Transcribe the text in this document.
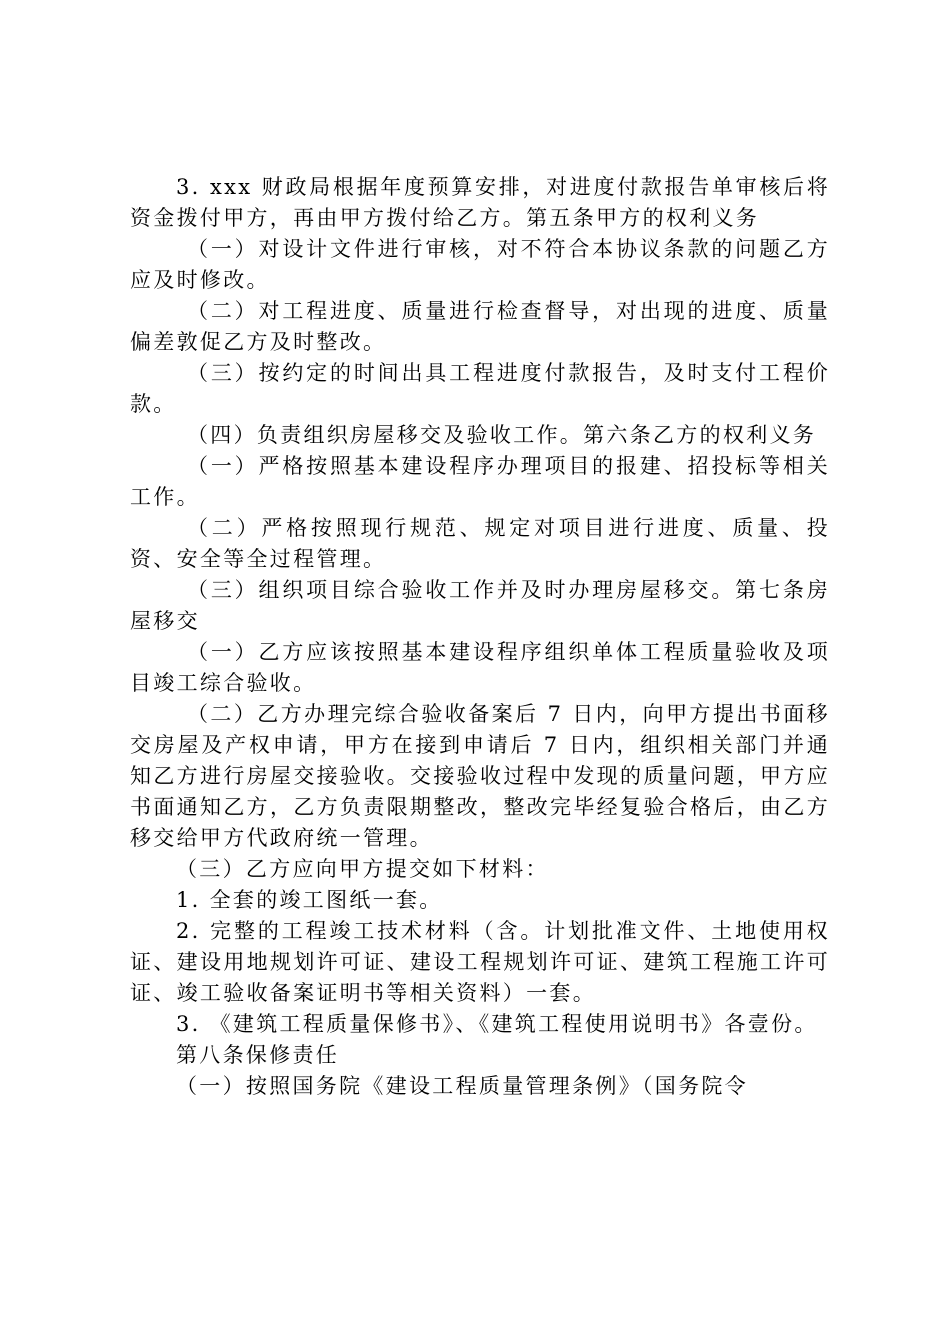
3. xxx 财政局根据年度预算安排，对进度付款报告单审核后将资金拨付甲方，再由甲方拨付给乙方。第五条甲方的权利义务

（一）对设计文件进行审核，对不符合本协议条款的问题乙方应及时修改。

（二）对工程进度、质量进行检查督导，对出现的进度、质量偏差敦促乙方及时整改。

（三）按约定的时间出具工程进度付款报告，及时支付工程价款。

（四）负责组织房屋移交及验收工作。第六条乙方的权利义务

（一）严格按照基本建设程序办理项目的报建、招投标等相关工作。

（二）严格按照现行规范、规定对项目进行进度、质量、投资、安全等全过程管理。

（三）组织项目综合验收工作并及时办理房屋移交。第七条房屋移交

（一）乙方应该按照基本建设程序组织单体工程质量验收及项目竣工综合验收。

（二）乙方办理完综合验收备案后 7 日内，向甲方提出书面移交房屋及产权申请，甲方在接到申请后 7 日内，组织相关部门并通知乙方进行房屋交接验收。交接验收过程中发现的质量问题，甲方应书面通知乙方，乙方负责限期整改，整改完毕经复验合格后，由乙方移交给甲方代政府统一管理。

（三）乙方应向甲方提交如下材料：

1. 全套的竣工图纸一套。

2. 完整的工程竣工技术材料（含。计划批准文件、土地使用权证、建设用地规划许可证、建设工程规划许可证、建筑工程施工许可证、竣工验收备案证明书等相关资料）一套。

3. 《建筑工程质量保修书》、《建筑工程使用说明书》各壹份。

第八条保修责任

（一）按照国务院《建设工程质量管理条例》（国务院令
